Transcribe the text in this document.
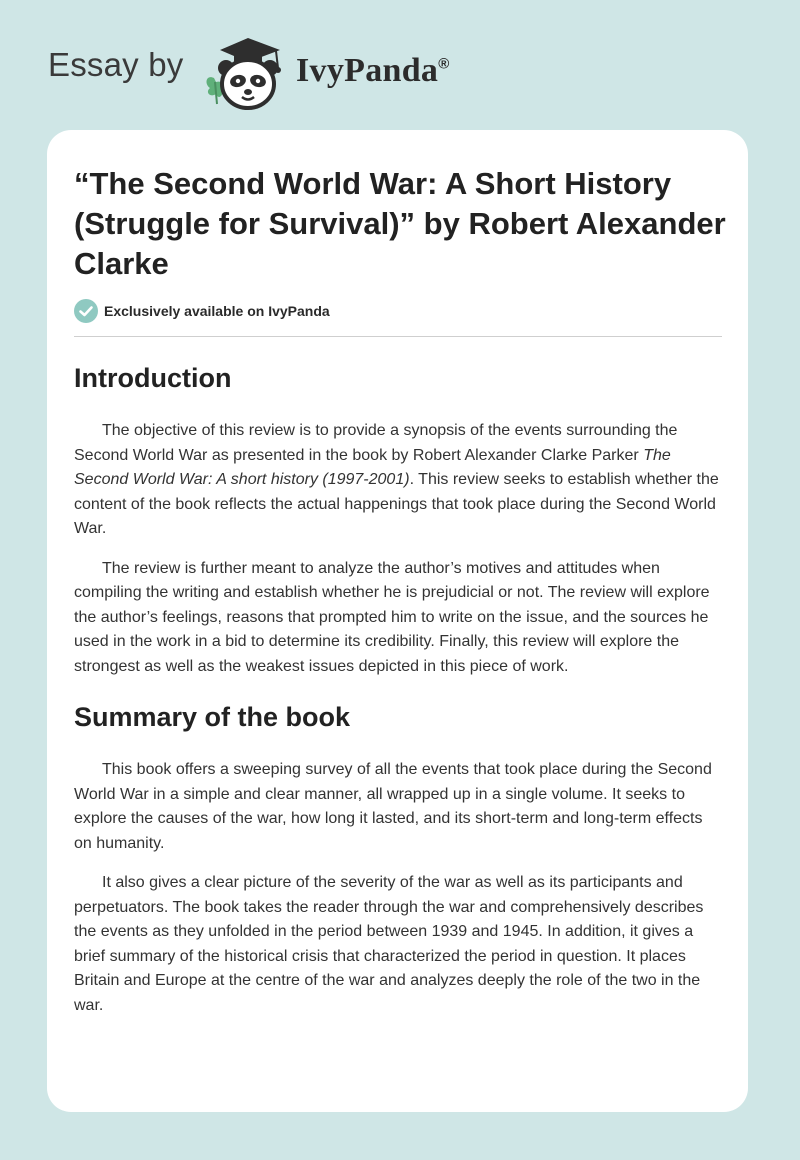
Essay by	IvyPanda®
“The Second World War: A Short History (Struggle for Survival)” by Robert Alexander Clarke
Exclusively available on IvyPanda
Introduction

The objective of this review is to provide a synopsis of the events surrounding the Second World War as presented in the book by Robert Alexander Clarke Parker The Second World War: A short history (1997-2001). This review seeks to establish whether the content of the book reflects the actual happenings that took place during the Second World War.

The review is further meant to analyze the author’s motives and attitudes when compiling the writing and establish whether he is prejudicial or not. The review will explore the author’s feelings, reasons that prompted him to write on the issue, and the sources he used in the work in a bid to determine its credibility. Finally, this review will explore the strongest as well as the weakest issues depicted in this piece of work.

Summary of the book

This book offers a sweeping survey of all the events that took place during the Second World War in a simple and clear manner, all wrapped up in a single volume. It seeks to explore the causes of the war, how long it lasted, and its short-term and long-term effects on humanity.

It also gives a clear picture of the severity of the war as well as its participants and perpetuators. The book takes the reader through the war and comprehensively describes the events as they unfolded in the period between 1939 and 1945. In addition, it gives a brief summary of the historical crisis that characterized the period in question. It places Britain and Europe at the centre of the war and analyzes deeply the role of the two in the war.
